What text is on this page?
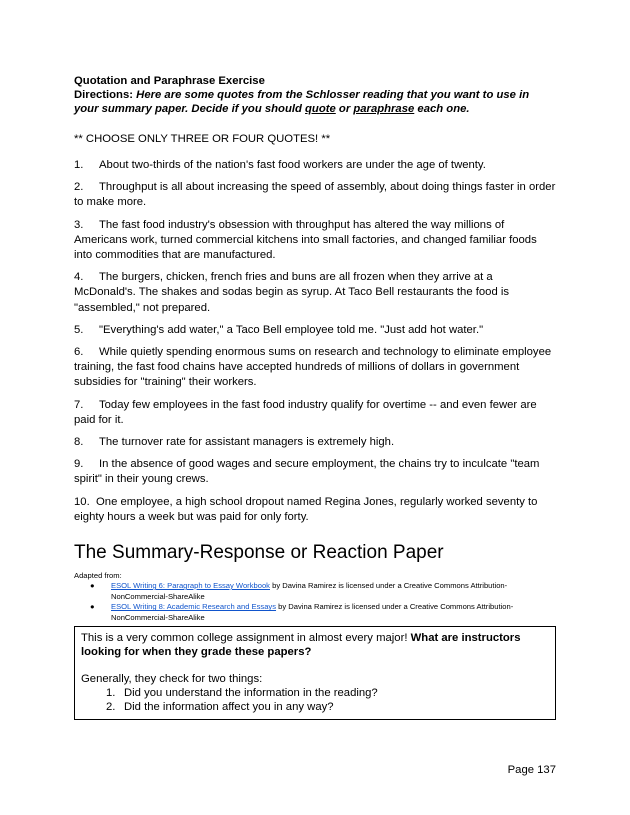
Quotation and Paraphrase Exercise

Directions: Here are some quotes from the Schlosser reading that you want to use in your summary paper. Decide if you should quote or paraphrase each one.

** CHOOSE ONLY THREE OR FOUR QUOTES! **

1. About two-thirds of the nation's fast food workers are under the age of twenty.
2. Throughput is all about increasing the speed of assembly, about doing things faster in order to make more.
3. The fast food industry's obsession with throughput has altered the way millions of Americans work, turned commercial kitchens into small factories, and changed familiar foods into commodities that are manufactured.
4. The burgers, chicken, french fries and buns are all frozen when they arrive at a McDonald's. The shakes and sodas begin as syrup. At Taco Bell restaurants the food is "assembled," not prepared.
5. "Everything's add water," a Taco Bell employee told me. "Just add hot water."
6. While quietly spending enormous sums on research and technology to eliminate employee training, the fast food chains have accepted hundreds of millions of dollars in government subsidies for "training" their workers.
7. Today few employees in the fast food industry qualify for overtime -- and even fewer are paid for it.
8. The turnover rate for assistant managers is extremely high.
9. In the absence of good wages and secure employment, the chains try to inculcate "team spirit" in their young crews.
10. One employee, a high school dropout named Regina Jones, regularly worked seventy to eighty hours a week but was paid for only forty.
The Summary-Response or Reaction Paper

Adapted from:

● ESOL Writing 6: Paragraph to Essay Workbook by Davina Ramirez is licensed under a Creative Commons Attribution-NonCommercial-ShareAlike
● ESOL Writing 8: Academic Research and Essays by Davina Ramirez is licensed under a Creative Commons Attribution-NonCommercial-ShareAlike
This is a very common college assignment in almost every major! What are instructors looking for when they grade these papers?
Generally, they check for two things:
1. Did you understand the information in the reading?
2. Did the information affect you in any way?
Page 137
